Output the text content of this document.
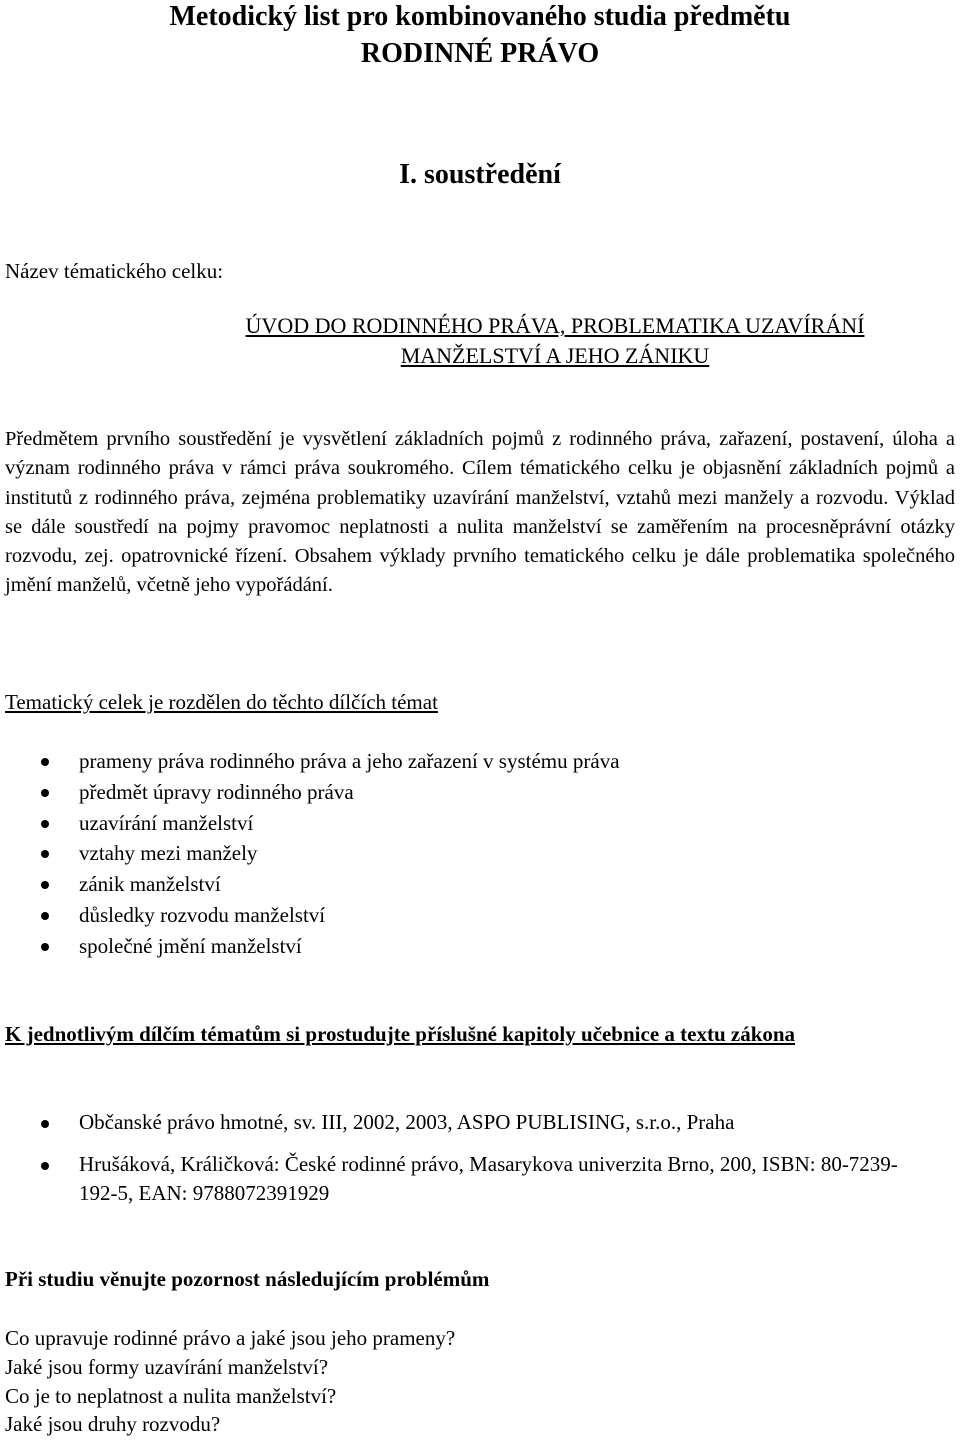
Metodický list pro kombinovaného studia předmětu
RODINNÉ PRÁVO
I. soustředění
Název tématického celku:
ÚVOD DO RODINNÉHO PRÁVA, PROBLEMATIKA UZAVÍRÁNÍ
MANŽELSTVÍ A JEHO ZÁNIKU
Předmětem prvního soustředění je vysvětlení základních pojmů z rodinného práva, zařazení, postavení, úloha a význam rodinného práva v rámci práva soukromého. Cílem tématického celku je objasnění základních pojmů a institutů z rodinného práva, zejména problematiky uzavírání manželství, vztahů mezi manžely a rozvodu. Výklad se dále soustředí na pojmy pravomoc neplatnosti a nulita manželství se zaměřením na procesněprávní otázky rozvodu, zej. opatrovnické řízení. Obsahem výklady prvního tematického celku je dále problematika společného jmění manželů, včetně jeho vypořádání.
Tematický celek je rozdělen do těchto dílčích témat
prameny práva rodinného práva a jeho zařazení v systému práva
předmět úpravy rodinného práva
uzavírání manželství
vztahy mezi manžely
zánik manželství
důsledky rozvodu manželství
společné jmění manželství
K jednotlivým dílčím tématům si prostudujte příslušné kapitoly učebnice a textu zákona
Občanské právo hmotné, sv. III, 2002, 2003, ASPO PUBLISING, s.r.o., Praha
Hrušáková, Králičková: České rodinné právo, Masarykova univerzita Brno, 200, ISBN: 80-7239-192-5, EAN: 9788072391929
Při studiu věnujte pozornost následujícím problémům
Co upravuje rodinné právo a jaké jsou jeho prameny?
Jaké jsou formy uzavírání manželství?
Co je to neplatnost a nulita manželství?
Jaké jsou druhy rozvodu?
